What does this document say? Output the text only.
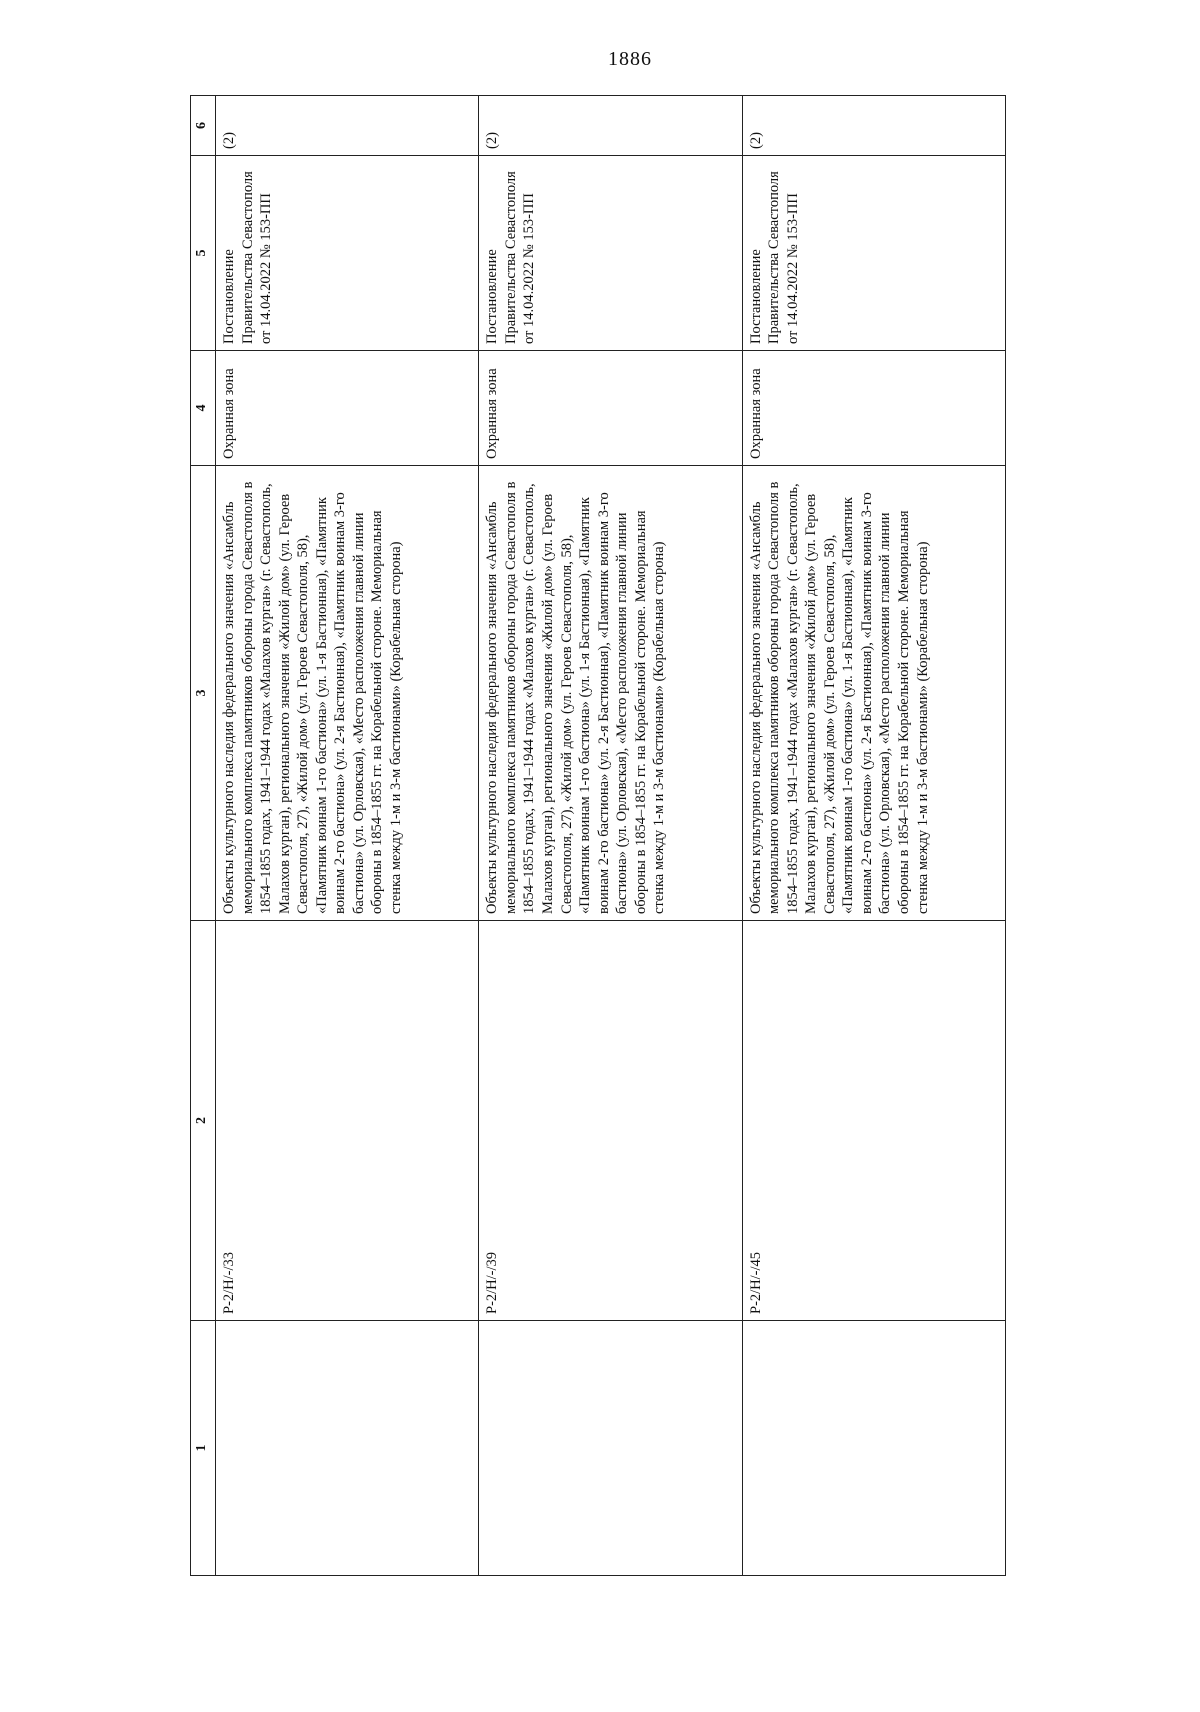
1886
1	2	3	4	5	6
	Р-2/Н/-/33	Объекты культурного наследия федерального значения «Ансамбль мемориального комплекса памятников обороны города Севастополя в 1854–1855 годах, 1941–1944 годах «Малахов курган» (г. Севастополь, Малахов курган), регионального значения «Жилой дом» (ул. Героев Севастополя, 27), «Жилой дом» (ул. Героев Севастополя, 58), «Памятник воинам 1-го бастиона» (ул. 1-я Бастионная), «Памятник воинам 2-го бастиона» (ул. 2-я Бастионная), «Памятник воинам 3-го бастиона» (ул. Орловская), «Место расположения главной линии обороны в 1854–1855 гг. на Корабельной стороне. Мемориальная стенка между 1-м и 3-м бастионами» (Корабельная сторона)	Охранная зона	Постановление Правительства Севастополя от 14.04.2022 № 153-ПП	(2)
	Р-2/Н/-/39	Объекты культурного наследия федерального значения «Ансамбль мемориального комплекса памятников обороны города Севастополя в 1854–1855 годах, 1941–1944 годах «Малахов курган» (г. Севастополь, Малахов курган), регионального значения «Жилой дом» (ул. Героев Севастополя, 27), «Жилой дом» (ул. Героев Севастополя, 58), «Памятник воинам 1-го бастиона» (ул. 1-я Бастионная), «Памятник воинам 2-го бастиона» (ул. 2-я Бастионная), «Памятник воинам 3-го бастиона» (ул. Орловская), «Место расположения главной линии обороны в 1854–1855 гг. на Корабельной стороне. Мемориальная стенка между 1-м и 3-м бастионами» (Корабельная сторона)	Охранная зона	Постановление Правительства Севастополя от 14.04.2022 № 153-ПП	(2)
	Р-2/Н/-/45	Объекты культурного наследия федерального значения «Ансамбль мемориального комплекса памятников обороны города Севастополя в 1854–1855 годах, 1941–1944 годах «Малахов курган» (г. Севастополь, Малахов курган), регионального значения «Жилой дом» (ул. Героев Севастополя, 27), «Жилой дом» (ул. Героев Севастополя, 58), «Памятник воинам 1-го бастиона» (ул. 1-я Бастионная), «Памятник воинам 2-го бастиона» (ул. 2-я Бастионная), «Памятник воинам 3-го бастиона» (ул. Орловская), «Место расположения главной линии обороны в 1854–1855 гг. на Корабельной стороне. Мемориальная стенка между 1-м и 3-м бастионами» (Корабельная сторона)	Охранная зона	Постановление Правительства Севастополя от 14.04.2022 № 153-ПП	(2)
